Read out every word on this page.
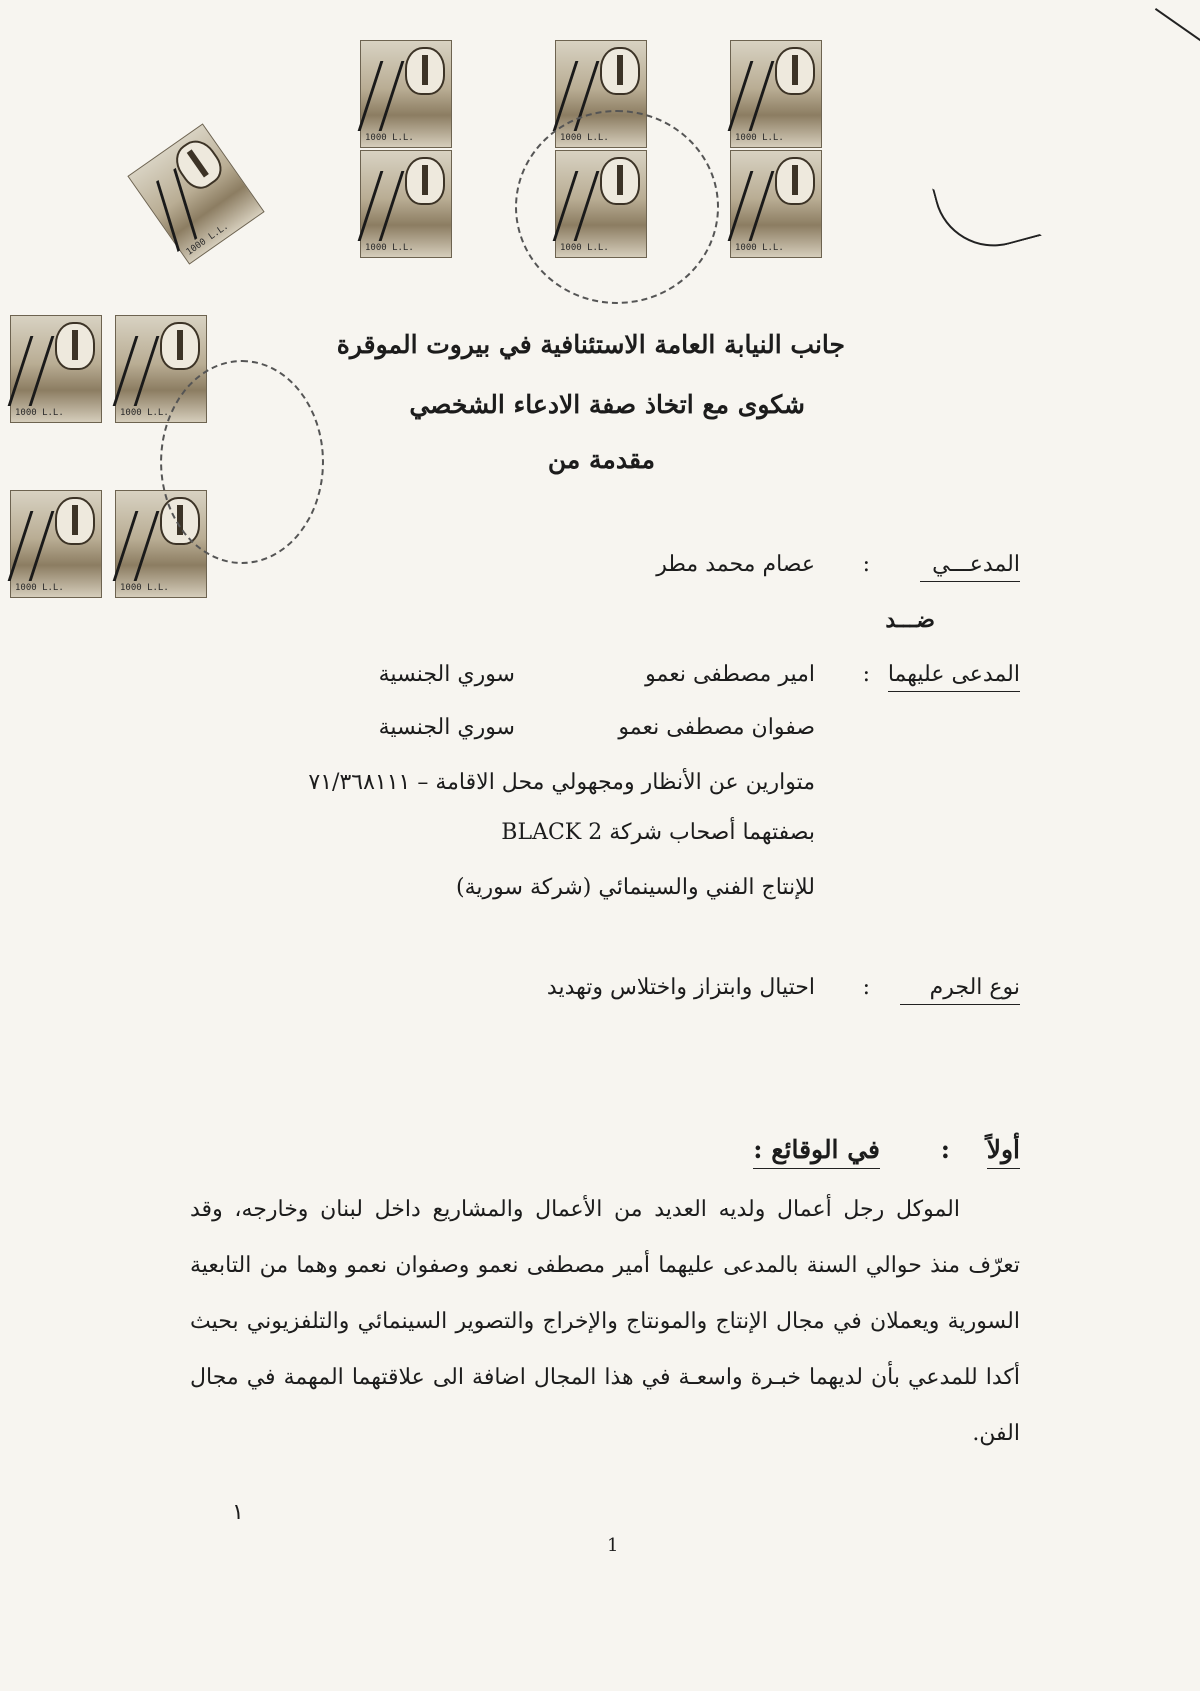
1000 L.L.
1000 L.L.
1000 L.L.
1000 L.L.
1000 L.L.
1000 L.L.
1000 L.L.
1000 L.L.
1000 L.L.
1000 L.L.
1000 L.L.
جانب النيابة العامة الاستئنافية في بيروت الموقرة
شكوى مع اتخاذ صفة الادعاء الشخصي
مقدمة من
المدعـــي
:
عصام محمد مطر
ضـــد
المدعى عليهما
:
امير مصطفى نعمو
سوري الجنسية
صفوان مصطفى نعمو
سوري الجنسية
متوارين عن الأنظار ومجهولي محل الاقامة – ٧١/٣٦٨١١١
بصفتهما أصحاب شركة BLACK 2
للإنتاج الفني والسينمائي (شركة سورية)
نوع الجرم
:
احتيال وابتزاز واختلاس وتهديد
أولاً
:
في الوقائع :
الموكل رجل أعمال ولديه العديد من الأعمال والمشاريع داخل لبنان وخارجه، وقد تعرّف منذ حوالي السنة بالمدعى عليهما أمير مصطفى نعمو وصفوان نعمو وهما من التابعية السورية ويعملان في مجال الإنتاج والمونتاج والإخراج والتصوير السينمائي والتلفزيوني بحيث أكدا للمدعي بأن لديهما خبـرة واسعـة في هذا المجال اضافة الى علاقتهما المهمة في مجال الفن.
١
1
